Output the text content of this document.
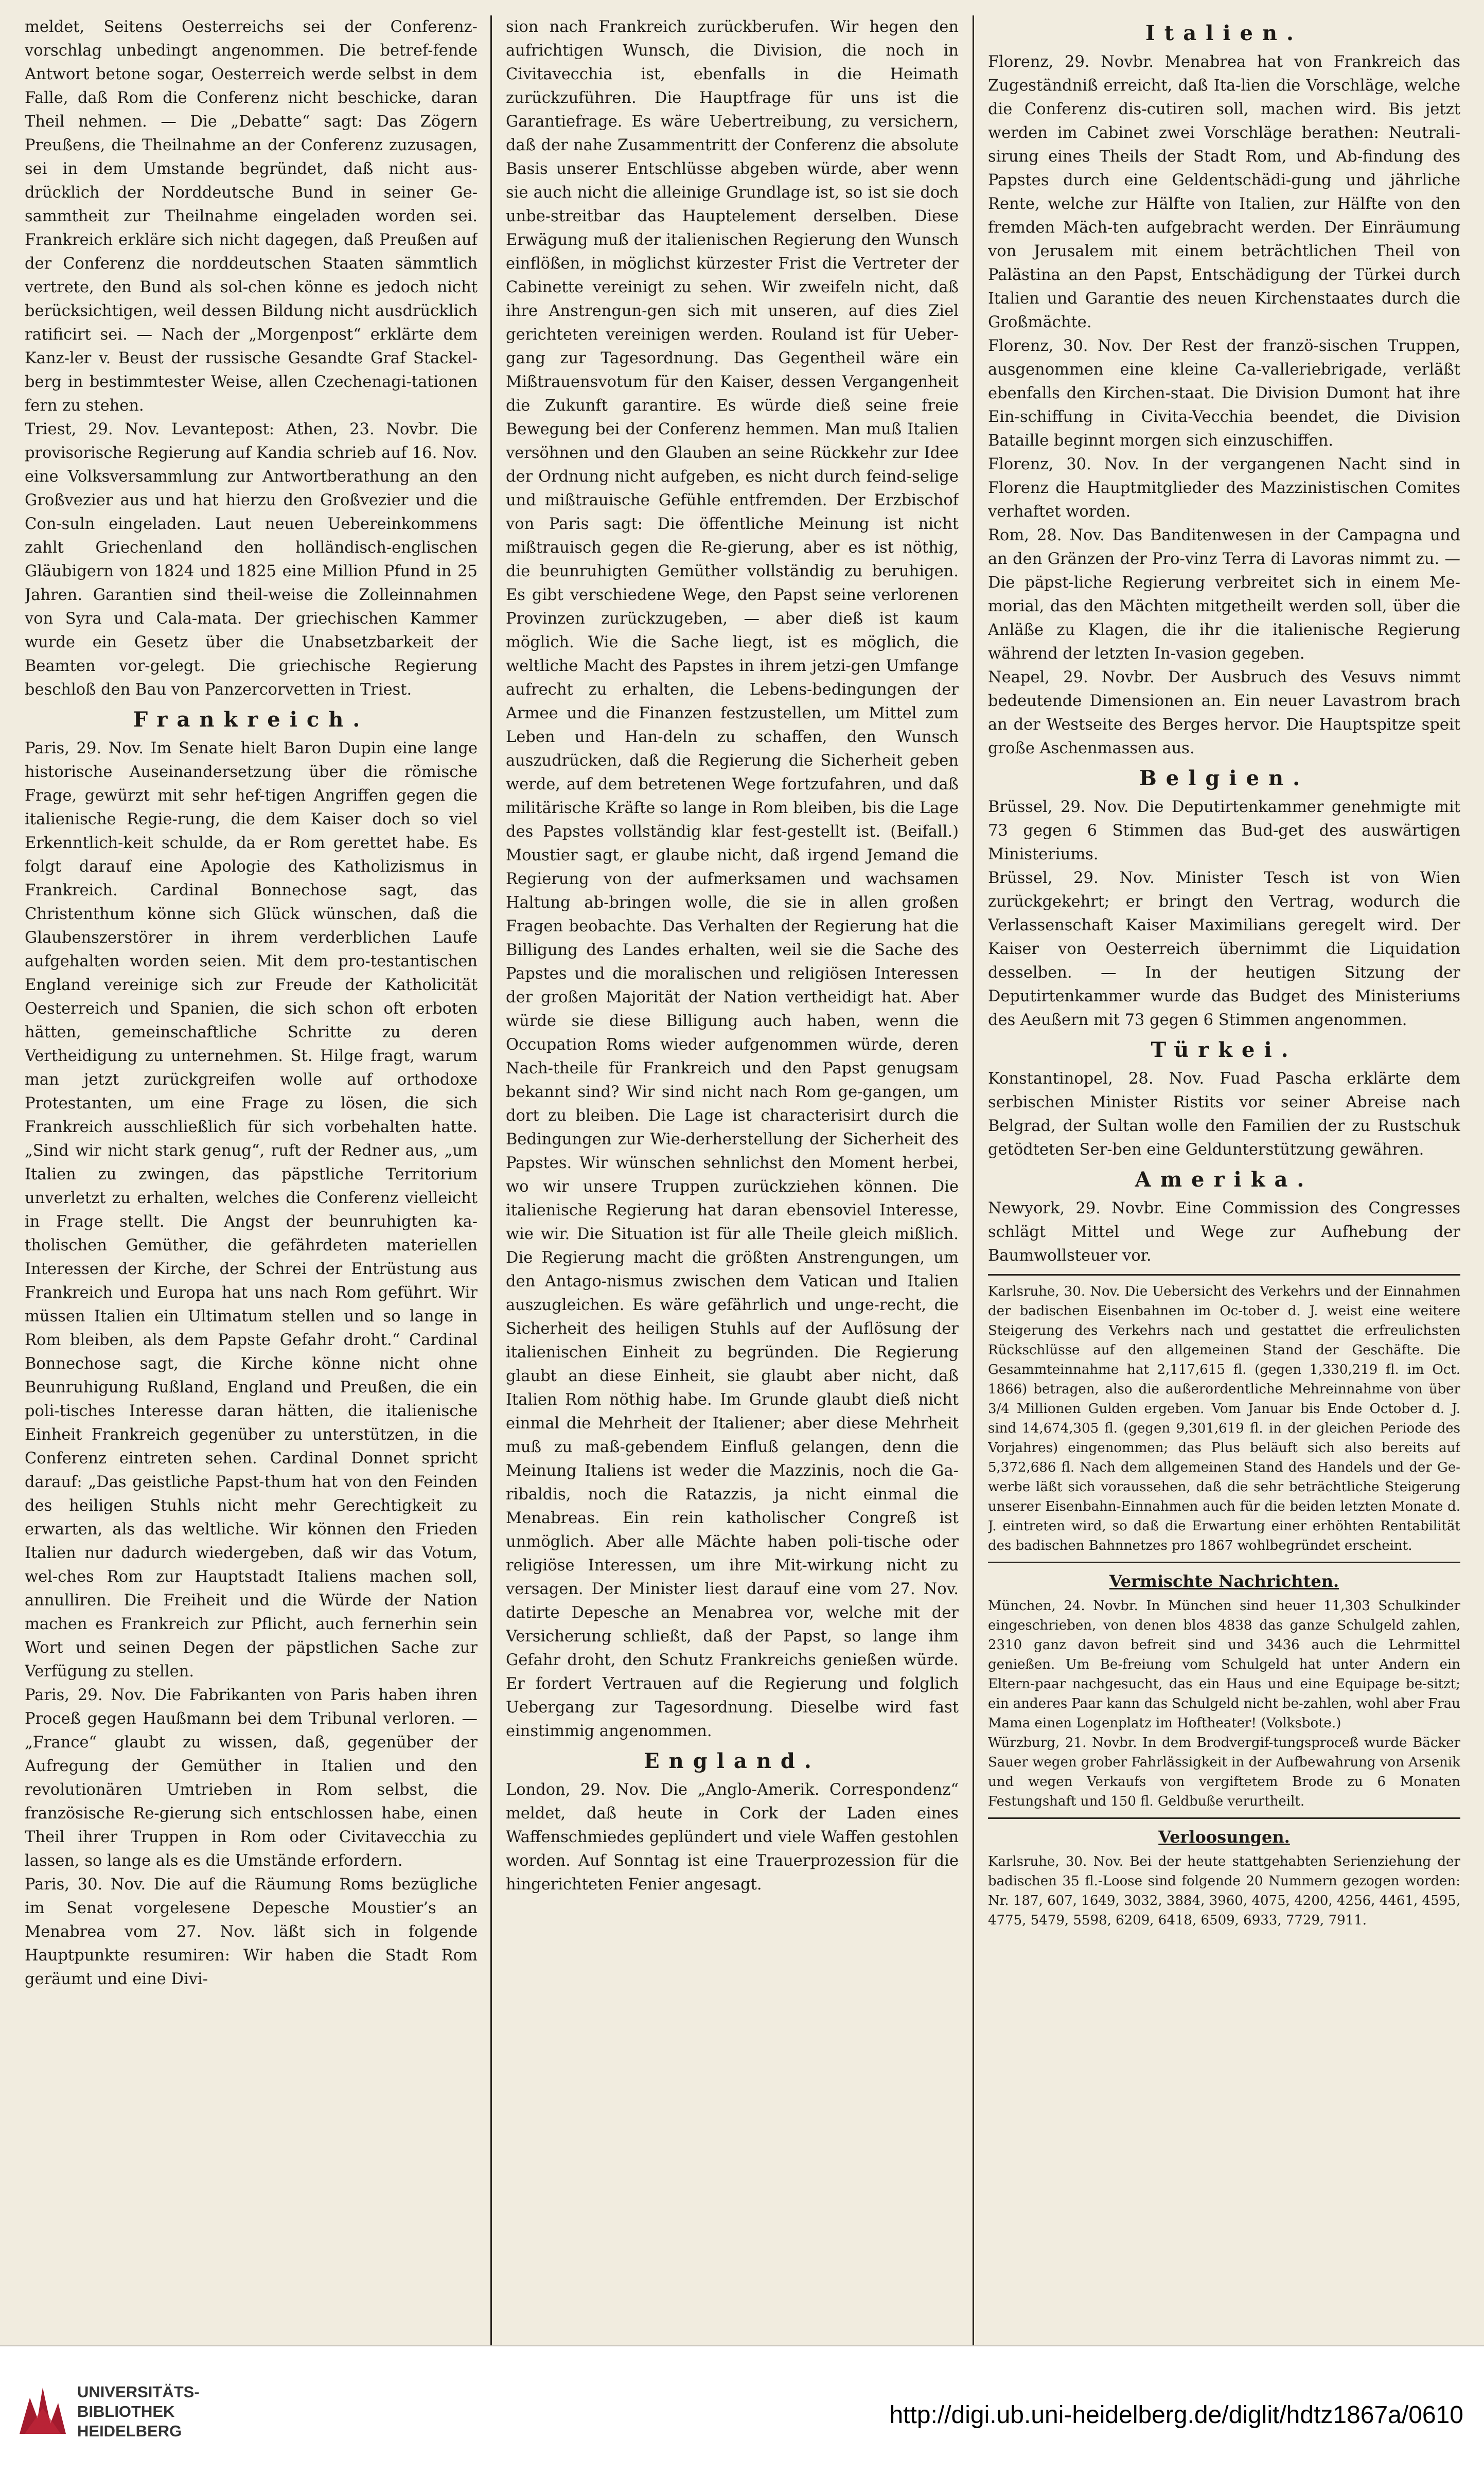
meldet, Seitens Oesterreichs sei der Conferenz-vorschlag unbedingt angenommen. Die betref-fende Antwort betone sogar, Oesterreich werde selbst in dem Falle, daß Rom die Conferenz nicht beschicke, daran Theil nehmen. — Die „Debatte“ sagt: Das Zögern Preußens, die Theilnahme an der Conferenz zuzusagen, sei in dem Umstande begründet, daß nicht aus-drücklich der Norddeutsche Bund in seiner Ge-sammtheit zur Theilnahme eingeladen worden sei. Frankreich erkläre sich nicht dagegen, daß Preußen auf der Conferenz die norddeutschen Staaten sämmtlich vertrete, den Bund als sol-chen könne es jedoch nicht berücksichtigen, weil dessen Bildung nicht ausdrücklich ratificirt sei. — Nach der „Morgenpost“ erklärte dem Kanz-ler v. Beust der russische Gesandte Graf Stackel-berg in bestimmtester Weise, allen Czechenagi-tationen fern zu stehen.

Triest, 29. Nov. Levantepost: Athen, 23. Novbr. Die provisorische Regierung auf Kandia schrieb auf 16. Nov. eine Volksversammlung zur Antwortberathung an den Großvezier aus und hat hierzu den Großvezier und die Con-suln eingeladen. Laut neuen Uebereinkommens zahlt Griechenland den holländisch-englischen Gläubigern von 1824 und 1825 eine Million Pfund in 25 Jahren. Garantien sind theil-weise die Zolleinnahmen von Syra und Cala-mata. Der griechischen Kammer wurde ein Gesetz über die Unabsetzbarkeit der Beamten vor-gelegt. Die griechische Regierung beschloß den Bau von Panzercorvetten in Triest.

Frankreich.

Paris, 29. Nov. Im Senate hielt Baron Dupin eine lange historische Auseinandersetzung über die römische Frage, gewürzt mit sehr hef-tigen Angriffen gegen die italienische Regie-rung, die dem Kaiser doch so viel Erkenntlich-keit schulde, da er Rom gerettet habe. Es folgt darauf eine Apologie des Katholizismus in Frankreich. Cardinal Bonnechose sagt, das Christenthum könne sich Glück wünschen, daß die Glaubenszerstörer in ihrem verderblichen Laufe aufgehalten worden seien. Mit dem pro-testantischen England vereinige sich zur Freude der Katholicität Oesterreich und Spanien, die sich schon oft erboten hätten, gemeinschaftliche Schritte zu deren Vertheidigung zu unternehmen. St. Hilge fragt, warum man jetzt zurückgreifen wolle auf orthodoxe Protestanten, um eine Frage zu lösen, die sich Frankreich ausschließlich für sich vorbehalten hatte. „Sind wir nicht stark genug“, ruft der Redner aus, „um Italien zu zwingen, das päpstliche Territorium unverletzt zu erhalten, welches die Conferenz vielleicht in Frage stellt. Die Angst der beunruhigten ka-tholischen Gemüther, die gefährdeten materiellen Interessen der Kirche, der Schrei der Entrüstung aus Frankreich und Europa hat uns nach Rom geführt. Wir müssen Italien ein Ultimatum stellen und so lange in Rom bleiben, als dem Papste Gefahr droht.“ Cardinal Bonnechose sagt, die Kirche könne nicht ohne Beunruhigung Rußland, England und Preußen, die ein poli-tisches Interesse daran hätten, die italienische Einheit Frankreich gegenüber zu unterstützen, in die Conferenz eintreten sehen. Cardinal Donnet spricht darauf: „Das geistliche Papst-thum hat von den Feinden des heiligen Stuhls nicht mehr Gerechtigkeit zu erwarten, als das weltliche. Wir können den Frieden Italien nur dadurch wiedergeben, daß wir das Votum, wel-ches Rom zur Hauptstadt Italiens machen soll, annulliren. Die Freiheit und die Würde der Nation machen es Frankreich zur Pflicht, auch fernerhin sein Wort und seinen Degen der päpstlichen Sache zur Verfügung zu stellen.

Paris, 29. Nov. Die Fabrikanten von Paris haben ihren Proceß gegen Haußmann bei dem Tribunal verloren. — „France“ glaubt zu wissen, daß, gegenüber der Aufregung der Gemüther in Italien und den revolutionären Umtrieben in Rom selbst, die französische Re-gierung sich entschlossen habe, einen Theil ihrer Truppen in Rom oder Civitavecchia zu lassen, so lange als es die Umstände erfordern.

Paris, 30. Nov. Die auf die Räumung Roms bezügliche im Senat vorgelesene Depesche Moustier’s an Menabrea vom 27. Nov. läßt sich in folgende Hauptpunkte resumiren: Wir haben die Stadt Rom geräumt und eine Divi-

sion nach Frankreich zurückberufen. Wir hegen den aufrichtigen Wunsch, die Division, die noch in Civitavecchia ist, ebenfalls in die Heimath zurückzuführen. Die Hauptfrage für uns ist die Garantiefrage. Es wäre Uebertreibung, zu versichern, daß der nahe Zusammentritt der Conferenz die absolute Basis unserer Entschlüsse abgeben würde, aber wenn sie auch nicht die alleinige Grundlage ist, so ist sie doch unbe-streitbar das Hauptelement derselben. Diese Erwägung muß der italienischen Regierung den Wunsch einflößen, in möglichst kürzester Frist die Vertreter der Cabinette vereinigt zu sehen. Wir zweifeln nicht, daß ihre Anstrengun-gen sich mit unseren, auf dies Ziel gerichteten vereinigen werden. Rouland ist für Ueber-gang zur Tagesordnung. Das Gegentheil wäre ein Mißtrauensvotum für den Kaiser, dessen Vergangenheit die Zukunft garantire. Es würde dieß seine freie Bewegung bei der Conferenz hemmen. Man muß Italien versöhnen und den Glauben an seine Rückkehr zur Idee der Ordnung nicht aufgeben, es nicht durch feind-selige und mißtrauische Gefühle entfremden. Der Erzbischof von Paris sagt: Die öffentliche Meinung ist nicht mißtrauisch gegen die Re-gierung, aber es ist nöthig, die beunruhigten Gemüther vollständig zu beruhigen. Es gibt verschiedene Wege, den Papst seine verlorenen Provinzen zurückzugeben, — aber dieß ist kaum möglich. Wie die Sache liegt, ist es möglich, die weltliche Macht des Papstes in ihrem jetzi-gen Umfange aufrecht zu erhalten, die Lebens-bedingungen der Armee und die Finanzen festzustellen, um Mittel zum Leben und Han-deln zu schaffen, den Wunsch auszudrücken, daß die Regierung die Sicherheit geben werde, auf dem betretenen Wege fortzufahren, und daß militärische Kräfte so lange in Rom bleiben, bis die Lage des Papstes vollständig klar fest-gestellt ist. (Beifall.) Moustier sagt, er glaube nicht, daß irgend Jemand die Regierung von der aufmerksamen und wachsamen Haltung ab-bringen wolle, die sie in allen großen Fragen beobachte. Das Verhalten der Regierung hat die Billigung des Landes erhalten, weil sie die Sache des Papstes und die moralischen und religiösen Interessen der großen Majorität der Nation vertheidigt hat. Aber würde sie diese Billigung auch haben, wenn die Occupation Roms wieder aufgenommen würde, deren Nach-theile für Frankreich und den Papst genugsam bekannt sind? Wir sind nicht nach Rom ge-gangen, um dort zu bleiben. Die Lage ist characterisirt durch die Bedingungen zur Wie-derherstellung der Sicherheit des Papstes. Wir wünschen sehnlichst den Moment herbei, wo wir unsere Truppen zurückziehen können. Die italienische Regierung hat daran ebensoviel Interesse, wie wir. Die Situation ist für alle Theile gleich mißlich. Die Regierung macht die größten Anstrengungen, um den Antago-nismus zwischen dem Vatican und Italien auszugleichen. Es wäre gefährlich und unge-recht, die Sicherheit des heiligen Stuhls auf der Auflösung der italienischen Einheit zu begründen. Die Regierung glaubt an diese Einheit, sie glaubt aber nicht, daß Italien Rom nöthig habe. Im Grunde glaubt dieß nicht einmal die Mehrheit der Italiener; aber diese Mehrheit muß zu maß-gebendem Einfluß gelangen, denn die Meinung Italiens ist weder die Mazzinis, noch die Ga-ribaldis, noch die Ratazzis, ja nicht einmal die Menabreas. Ein rein katholischer Congreß ist unmöglich. Aber alle Mächte haben poli-tische oder religiöse Interessen, um ihre Mit-wirkung nicht zu versagen. Der Minister liest darauf eine vom 27. Nov. datirte Depesche an Menabrea vor, welche mit der Versicherung schließt, daß der Papst, so lange ihm Gefahr droht, den Schutz Frankreichs genießen würde. Er fordert Vertrauen auf die Regierung und folglich Uebergang zur Tagesordnung. Dieselbe wird fast einstimmig angenommen.

England.

London, 29. Nov. Die „Anglo-Amerik. Correspondenz“ meldet, daß heute in Cork der Laden eines Waffenschmiedes geplündert und viele Waffen gestohlen worden. Auf Sonntag ist eine Trauerprozession für die hingerichteten Fenier angesagt.

Italien.

Florenz, 29. Novbr. Menabrea hat von Frankreich das Zugeständniß erreicht, daß Ita-lien die Vorschläge, welche die Conferenz dis-cutiren soll, machen wird. Bis jetzt werden im Cabinet zwei Vorschläge berathen: Neutrali-sirung eines Theils der Stadt Rom, und Ab-findung des Papstes durch eine Geldentschädi-gung und jährliche Rente, welche zur Hälfte von Italien, zur Hälfte von den fremden Mäch-ten aufgebracht werden. Der Einräumung von Jerusalem mit einem beträchtlichen Theil von Palästina an den Papst, Entschädigung der Türkei durch Italien und Garantie des neuen Kirchenstaates durch die Großmächte.

Florenz, 30. Nov. Der Rest der franzö-sischen Truppen, ausgenommen eine kleine Ca-valleriebrigade, verläßt ebenfalls den Kirchen-staat. Die Division Dumont hat ihre Ein-schiffung in Civita-Vecchia beendet, die Division Bataille beginnt morgen sich einzuschiffen.

Florenz, 30. Nov. In der vergangenen Nacht sind in Florenz die Hauptmitglieder des Mazzinistischen Comites verhaftet worden.

Rom, 28. Nov. Das Banditenwesen in der Campagna und an den Gränzen der Pro-vinz Terra di Lavoras nimmt zu. — Die päpst-liche Regierung verbreitet sich in einem Me-morial, das den Mächten mitgetheilt werden soll, über die Anläße zu Klagen, die ihr die italienische Regierung während der letzten In-vasion gegeben.

Neapel, 29. Novbr. Der Ausbruch des Vesuvs nimmt bedeutende Dimensionen an. Ein neuer Lavastrom brach an der Westseite des Berges hervor. Die Hauptspitze speit große Aschenmassen aus.

Belgien.

Brüssel, 29. Nov. Die Deputirtenkammer genehmigte mit 73 gegen 6 Stimmen das Bud-get des auswärtigen Ministeriums.

Brüssel, 29. Nov. Minister Tesch ist von Wien zurückgekehrt; er bringt den Vertrag, wodurch die Verlassenschaft Kaiser Maximilians geregelt wird. Der Kaiser von Oesterreich übernimmt die Liquidation desselben. — In der heutigen Sitzung der Deputirtenkammer wurde das Budget des Ministeriums des Aeußern mit 73 gegen 6 Stimmen angenommen.

Türkei.

Konstantinopel, 28. Nov. Fuad Pascha erklärte dem serbischen Minister Ristits vor seiner Abreise nach Belgrad, der Sultan wolle den Familien der zu Rustschuk getödteten Ser-ben eine Geldunterstützung gewähren.

Amerika.

Newyork, 29. Novbr. Eine Commission des Congresses schlägt Mittel und Wege zur Aufhebung der Baumwollsteuer vor.

Karlsruhe, 30. Nov. Die Uebersicht des Verkehrs und der Einnahmen der badischen Eisenbahnen im Oc-tober d. J. weist eine weitere Steigerung des Verkehrs nach und gestattet die erfreulichsten Rückschlüsse auf den allgemeinen Stand der Geschäfte. Die Gesammteinnahme hat 2,117,615 fl. (gegen 1,330,219 fl. im Oct. 1866) betragen, also die außerordentliche Mehreinnahme von über 3/4 Millionen Gulden ergeben. Vom Januar bis Ende October d. J. sind 14,674,305 fl. (gegen 9,301,619 fl. in der gleichen Periode des Vorjahres) eingenommen; das Plus beläuft sich also bereits auf 5,372,686 fl. Nach dem allgemeinen Stand des Handels und der Ge-werbe läßt sich voraussehen, daß die sehr beträchtliche Steigerung unserer Eisenbahn-Einnahmen auch für die beiden letzten Monate d. J. eintreten wird, so daß die Erwartung einer erhöhten Rentabilität des badischen Bahnnetzes pro 1867 wohlbegründet erscheint.

Vermischte Nachrichten.

München, 24. Novbr. In München sind heuer 11,303 Schulkinder eingeschrieben, von denen blos 4838 das ganze Schulgeld zahlen, 2310 ganz davon befreit sind und 3436 auch die Lehrmittel genießen. Um Be-freiung vom Schulgeld hat unter Andern ein Eltern-paar nachgesucht, das ein Haus und eine Equipage be-sitzt; ein anderes Paar kann das Schulgeld nicht be-zahlen, wohl aber Frau Mama einen Logenplatz im Hoftheater! (Volksbote.)

Würzburg, 21. Novbr. In dem Brodvergif-tungsproceß wurde Bäcker Sauer wegen grober Fahrlässigkeit in der Aufbewahrung von Arsenik und wegen Verkaufs von vergiftetem Brode zu 6 Monaten Festungshaft und 150 fl. Geldbuße verurtheilt.

Verloosungen.

Karlsruhe, 30. Nov. Bei der heute stattgehabten Serienziehung der badischen 35 fl.-Loose sind folgende 20 Nummern gezogen worden: Nr. 187, 607, 1649, 3032, 3884, 3960, 4075, 4200, 4256, 4461, 4595, 4775, 5479, 5598, 6209, 6418, 6509, 6933, 7729, 7911.

UNIVERSITÄTS-
BIBLIOTHEK
HEIDELBERG
http://digi.ub.uni-heidelberg.de/diglit/hdtz1867a/0610
